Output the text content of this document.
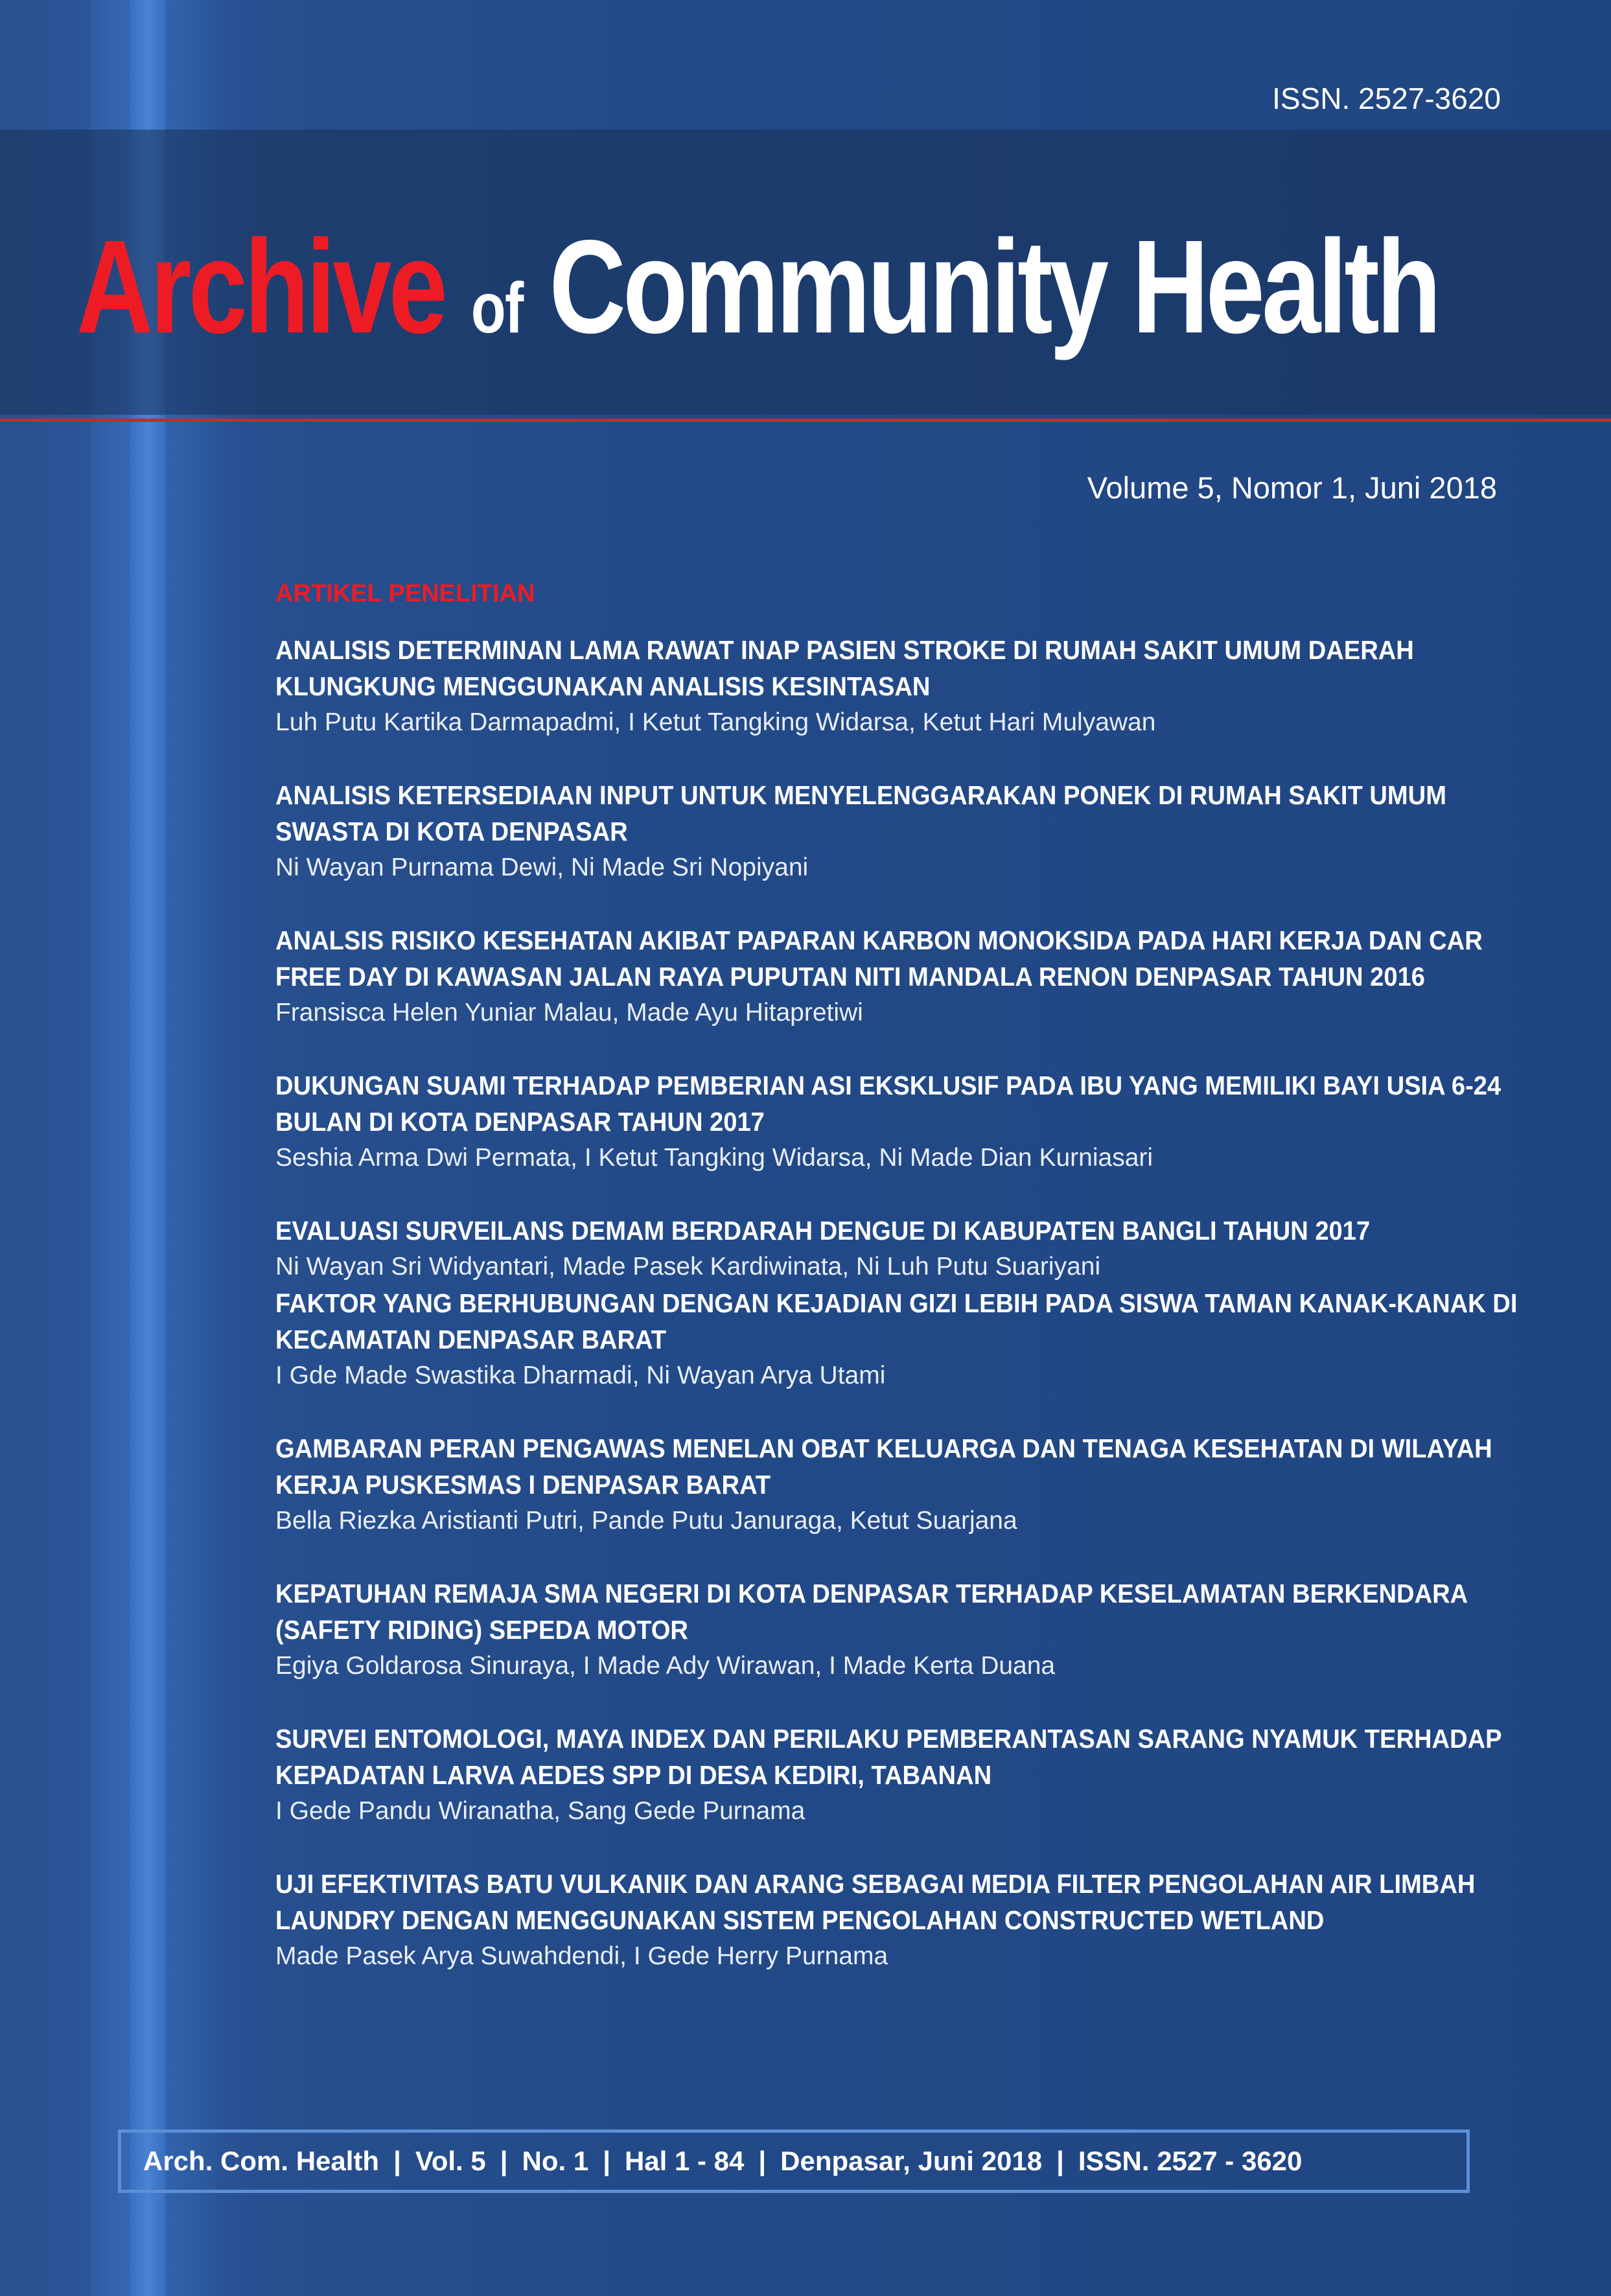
ISSN. 2527-3620
Archive of Community Health
Volume 5, Nomor 1, Juni 2018
ARTIKEL PENELITIAN
ANALISIS DETERMINAN LAMA RAWAT INAP PASIEN STROKE DI RUMAH SAKIT UMUM DAERAH KLUNGKUNG MENGGUNAKAN ANALISIS KESINTASAN

Luh Putu Kartika Darmapadmi, I Ketut Tangking Widarsa, Ketut Hari Mulyawan

ANALISIS KETERSEDIAAN INPUT UNTUK MENYELENGGARAKAN PONEK DI RUMAH SAKIT UMUM SWASTA DI KOTA DENPASAR

Ni Wayan Purnama Dewi, Ni Made Sri Nopiyani

ANALSIS RISIKO KESEHATAN AKIBAT PAPARAN KARBON MONOKSIDA PADA HARI KERJA DAN CAR FREE DAY DI KAWASAN JALAN RAYA PUPUTAN NITI MANDALA RENON DENPASAR TAHUN 2016

Fransisca Helen Yuniar Malau, Made Ayu Hitapretiwi

DUKUNGAN SUAMI TERHADAP PEMBERIAN ASI EKSKLUSIF PADA IBU YANG MEMILIKI BAYI USIA 6-24 BULAN DI KOTA DENPASAR TAHUN 2017

Seshia Arma Dwi Permata, I Ketut Tangking Widarsa, Ni Made Dian Kurniasari

EVALUASI SURVEILANS DEMAM BERDARAH DENGUE DI KABUPATEN BANGLI TAHUN 2017

Ni Wayan Sri Widyantari, Made Pasek Kardiwinata, Ni Luh Putu Suariyani

FAKTOR YANG BERHUBUNGAN DENGAN KEJADIAN GIZI LEBIH PADA SISWA TAMAN KANAK-KANAK DI KECAMATAN DENPASAR BARAT

I Gde Made Swastika Dharmadi, Ni Wayan Arya Utami

GAMBARAN PERAN PENGAWAS MENELAN OBAT KELUARGA DAN TENAGA KESEHATAN DI WILAYAH KERJA PUSKESMAS I DENPASAR BARAT

Bella Riezka Aristianti Putri, Pande Putu Januraga, Ketut Suarjana

KEPATUHAN REMAJA SMA NEGERI DI KOTA DENPASAR TERHADAP KESELAMATAN BERKENDARA (SAFETY RIDING) SEPEDA MOTOR

Egiya Goldarosa Sinuraya, I Made Ady Wirawan, I Made Kerta Duana

SURVEI ENTOMOLOGI, MAYA INDEX DAN PERILAKU PEMBERANTASAN SARANG NYAMUK TERHADAP KEPADATAN LARVA AEDES SPP DI DESA KEDIRI, TABANAN

I Gede Pandu Wiranatha, Sang Gede Purnama

UJI EFEKTIVITAS BATU VULKANIK DAN ARANG SEBAGAI MEDIA FILTER PENGOLAHAN AIR LIMBAH LAUNDRY DENGAN MENGGUNAKAN SISTEM PENGOLAHAN CONSTRUCTED WETLAND

Made Pasek Arya Suwahdendi, I Gede Herry Purnama

Arch. Com. Health | Vol. 5 | No. 1 | Hal 1 - 84 | Denpasar, Juni 2018 | ISSN. 2527 - 3620
